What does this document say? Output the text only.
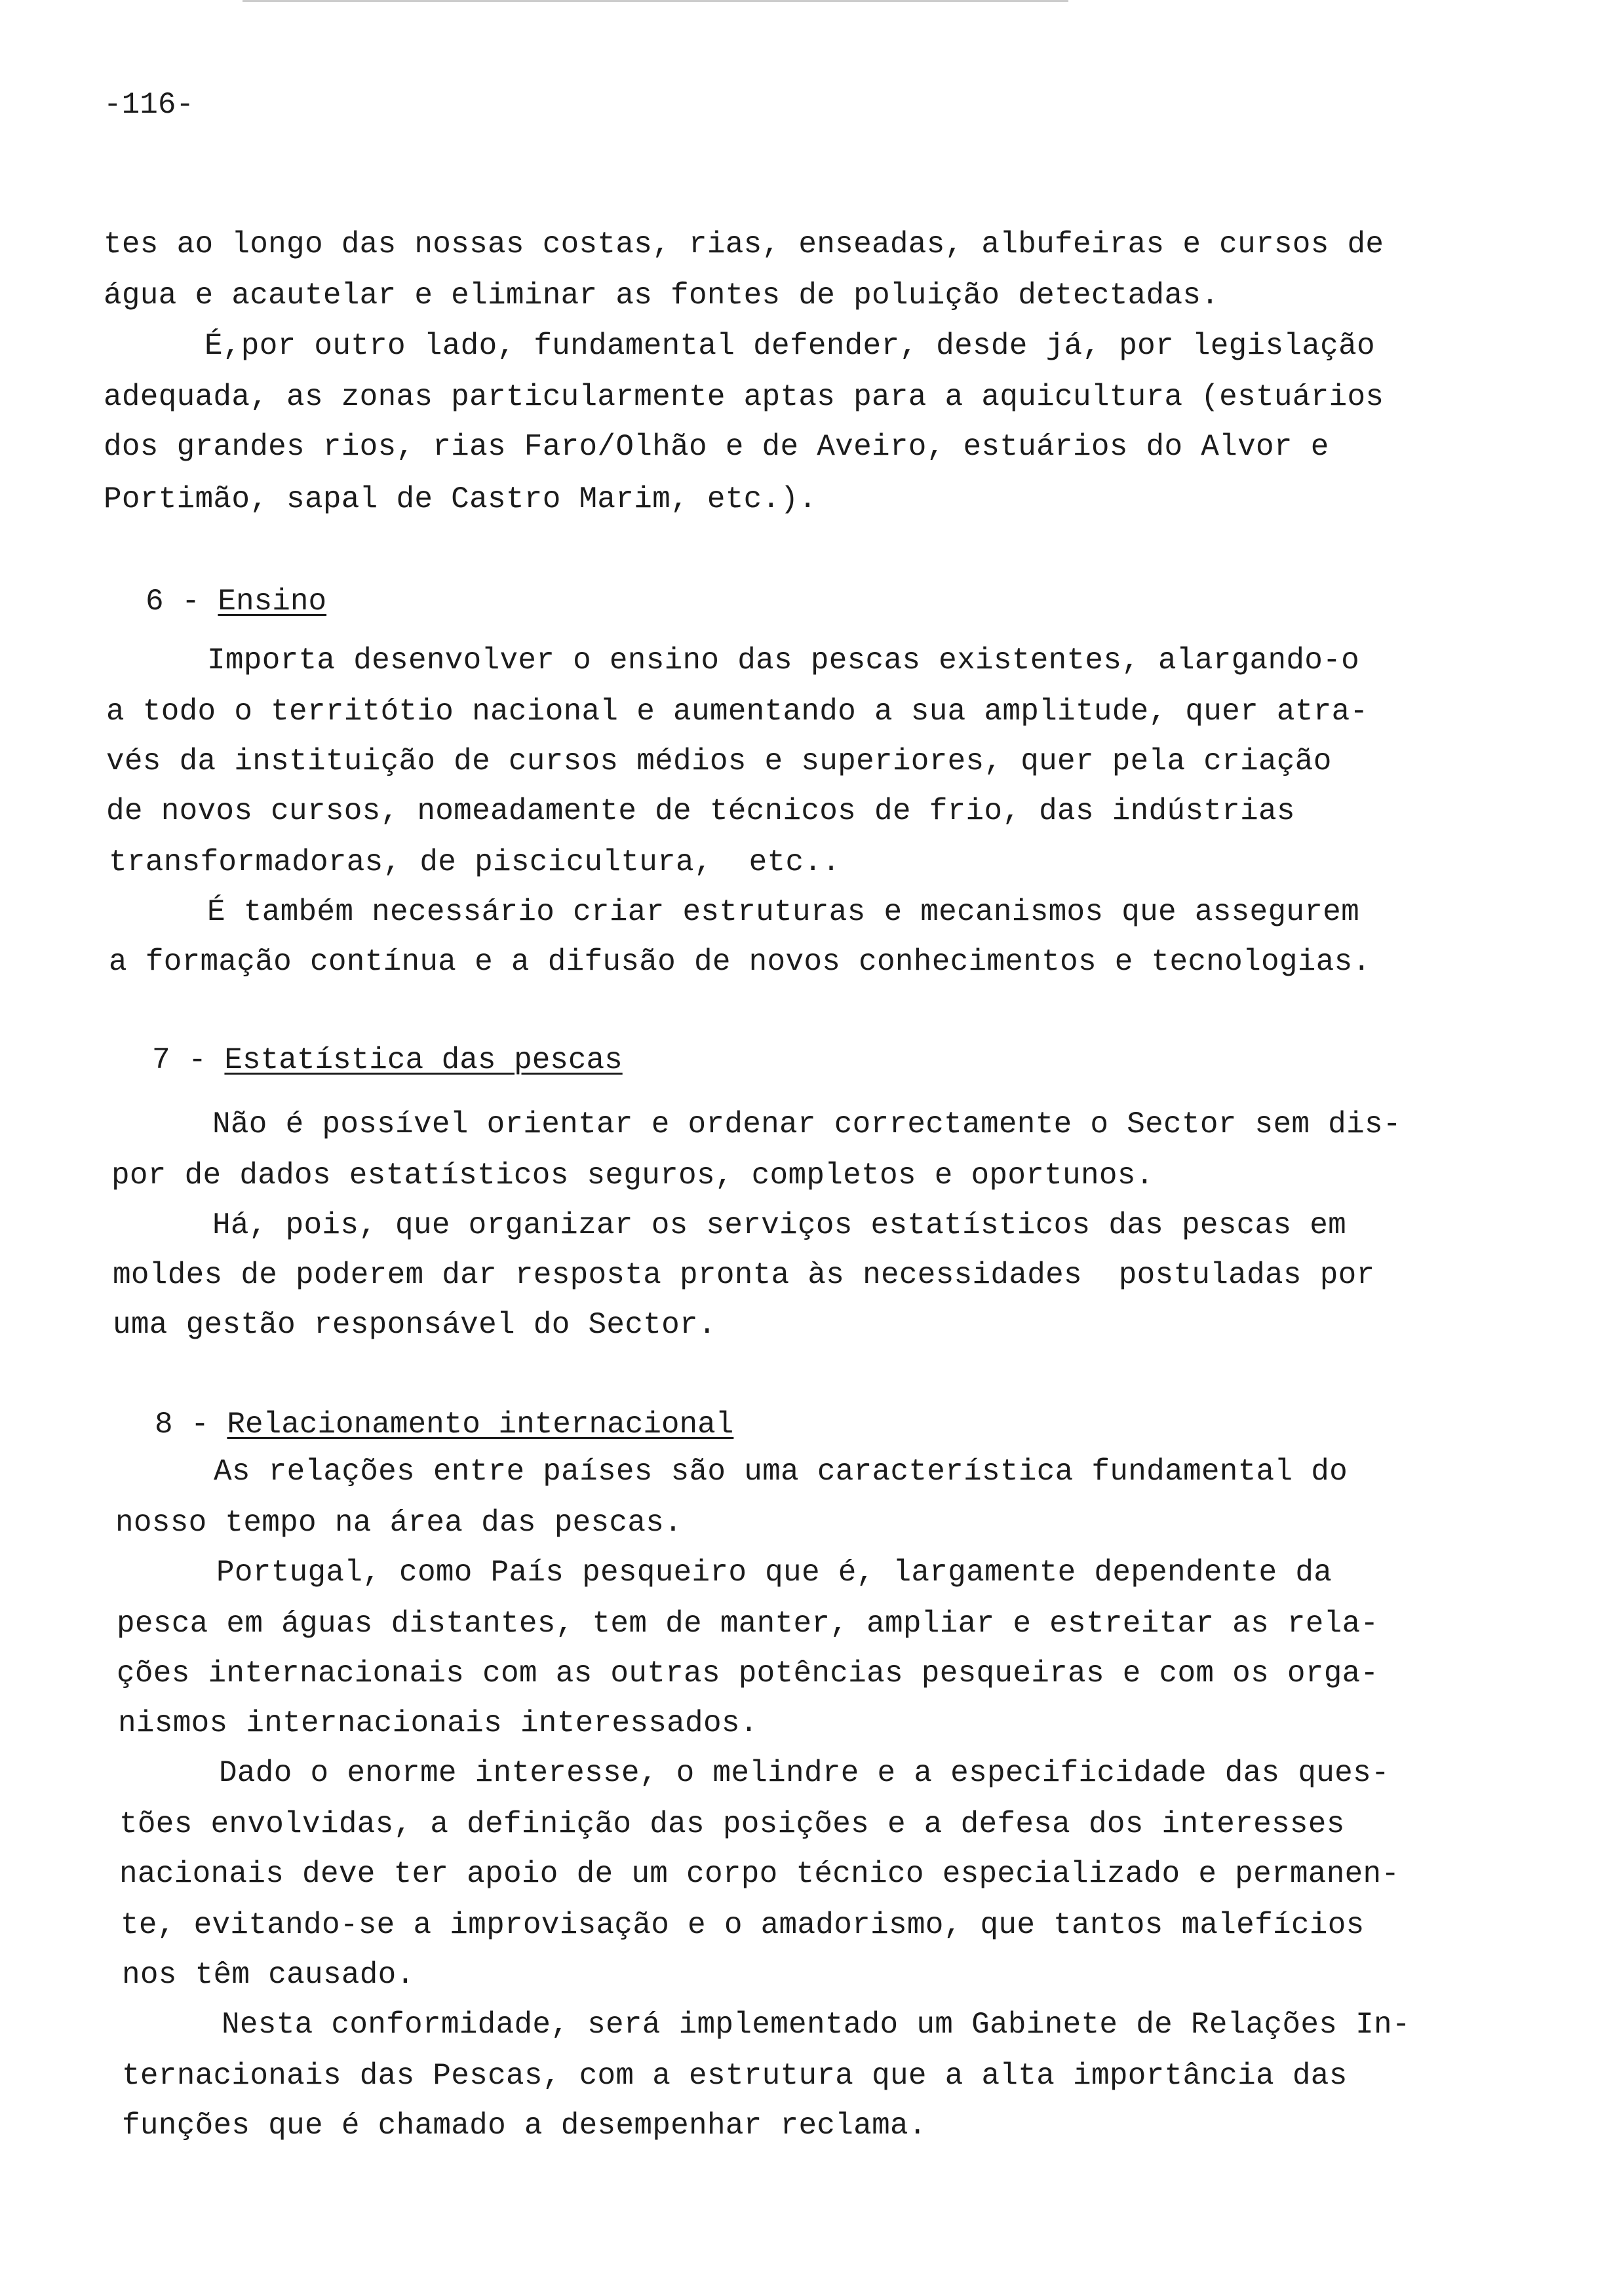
-116-
tes ao longo das nossas costas, rias, enseadas, albufeiras e cursos de
água e acautelar e eliminar as fontes de poluição detectadas.
É,por outro lado, fundamental defender, desde já, por legislação
adequada, as zonas particularmente aptas para a aquicultura (estuários
dos grandes rios, rias Faro/Olhão e de Aveiro, estuários do Alvor e
Portimão, sapal de Castro Marim, etc.).
6 - Ensino
Importa desenvolver o ensino das pescas existentes, alargando-o
a todo o territótio nacional e aumentando a sua amplitude, quer atra-
vés da instituição de cursos médios e superiores, quer pela criação
de novos cursos, nomeadamente de técnicos de frio, das indústrias
transformadoras, de piscicultura,  etc..
É também necessário criar estruturas e mecanismos que assegurem
a formação contínua e a difusão de novos conhecimentos e tecnologias.
7 - Estatística das pescas
Não é possível orientar e ordenar correctamente o Sector sem dis-
por de dados estatísticos seguros, completos e oportunos.
Há, pois, que organizar os serviços estatísticos das pescas em
moldes de poderem dar resposta pronta às necessidades  postuladas por
uma gestão responsável do Sector.
8 - Relacionamento internacional
As relações entre países são uma característica fundamental do
nosso tempo na área das pescas.
Portugal, como País pesqueiro que é, largamente dependente da
pesca em águas distantes, tem de manter, ampliar e estreitar as rela-
ções internacionais com as outras potências pesqueiras e com os orga-
nismos internacionais interessados.
Dado o enorme interesse, o melindre e a especificidade das ques-
tões envolvidas, a definição das posições e a defesa dos interesses
nacionais deve ter apoio de um corpo técnico especializado e permanen-
te, evitando-se a improvisação e o amadorismo, que tantos malefícios
nos têm causado.
Nesta conformidade, será implementado um Gabinete de Relações In-
ternacionais das Pescas, com a estrutura que a alta importância das
funções que é chamado a desempenhar reclama.
